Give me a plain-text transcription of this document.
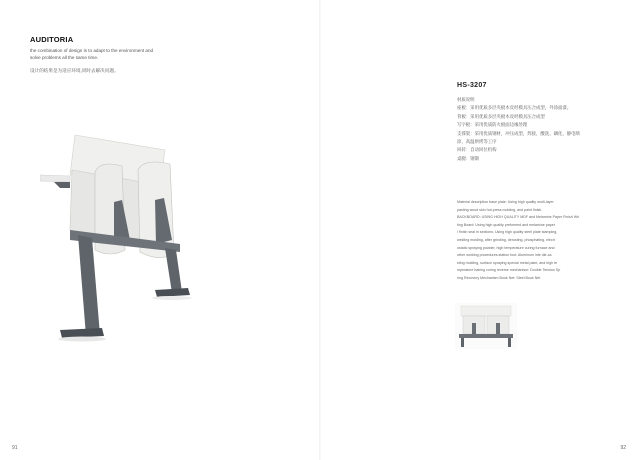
AUDITORIA
the combination of design is to adapt to the environment and
solve problems all the same time.
设计的结果是为适应环境,同时去解决问题。
91
HS-3207
材质说明
座板：采用优质多层夹板木皮经模具压合成型，外涂面漆。
背板：采用优质多层夹板木皮经模具压合成型
写字板：采用优质防火板面边缘处理
支撑架：采用优质钢材，冲压成型，焊接，酸洗、磷化，静电喷涂，高温烘烤等工序
回转：自动回位机构
桌腿：钢制
Material description base plate: Using high quality multi-layer
pasting wood skin hot-press molding, and paint finish.
BACKBOARD: USING HIGH QUALITY MDF and Melamine Paper Finish Wri
ting Board: Using high quality preformed and melamine paper
/ finish seal in sections: Using high quality steel plate stamping,
welding molding, after grinding, derusting, phosphating, electr
ostatic spraying powder, high temperature curing furnace and
other working procedures.station foot: Aluminum inte die-ca
sting molding, surface spraying special metal paint, and high te
mperature baking curing reverse mechanism: Double Tension Sp
ring Recovery Mechanism Book Net: Steel Book Net
92
